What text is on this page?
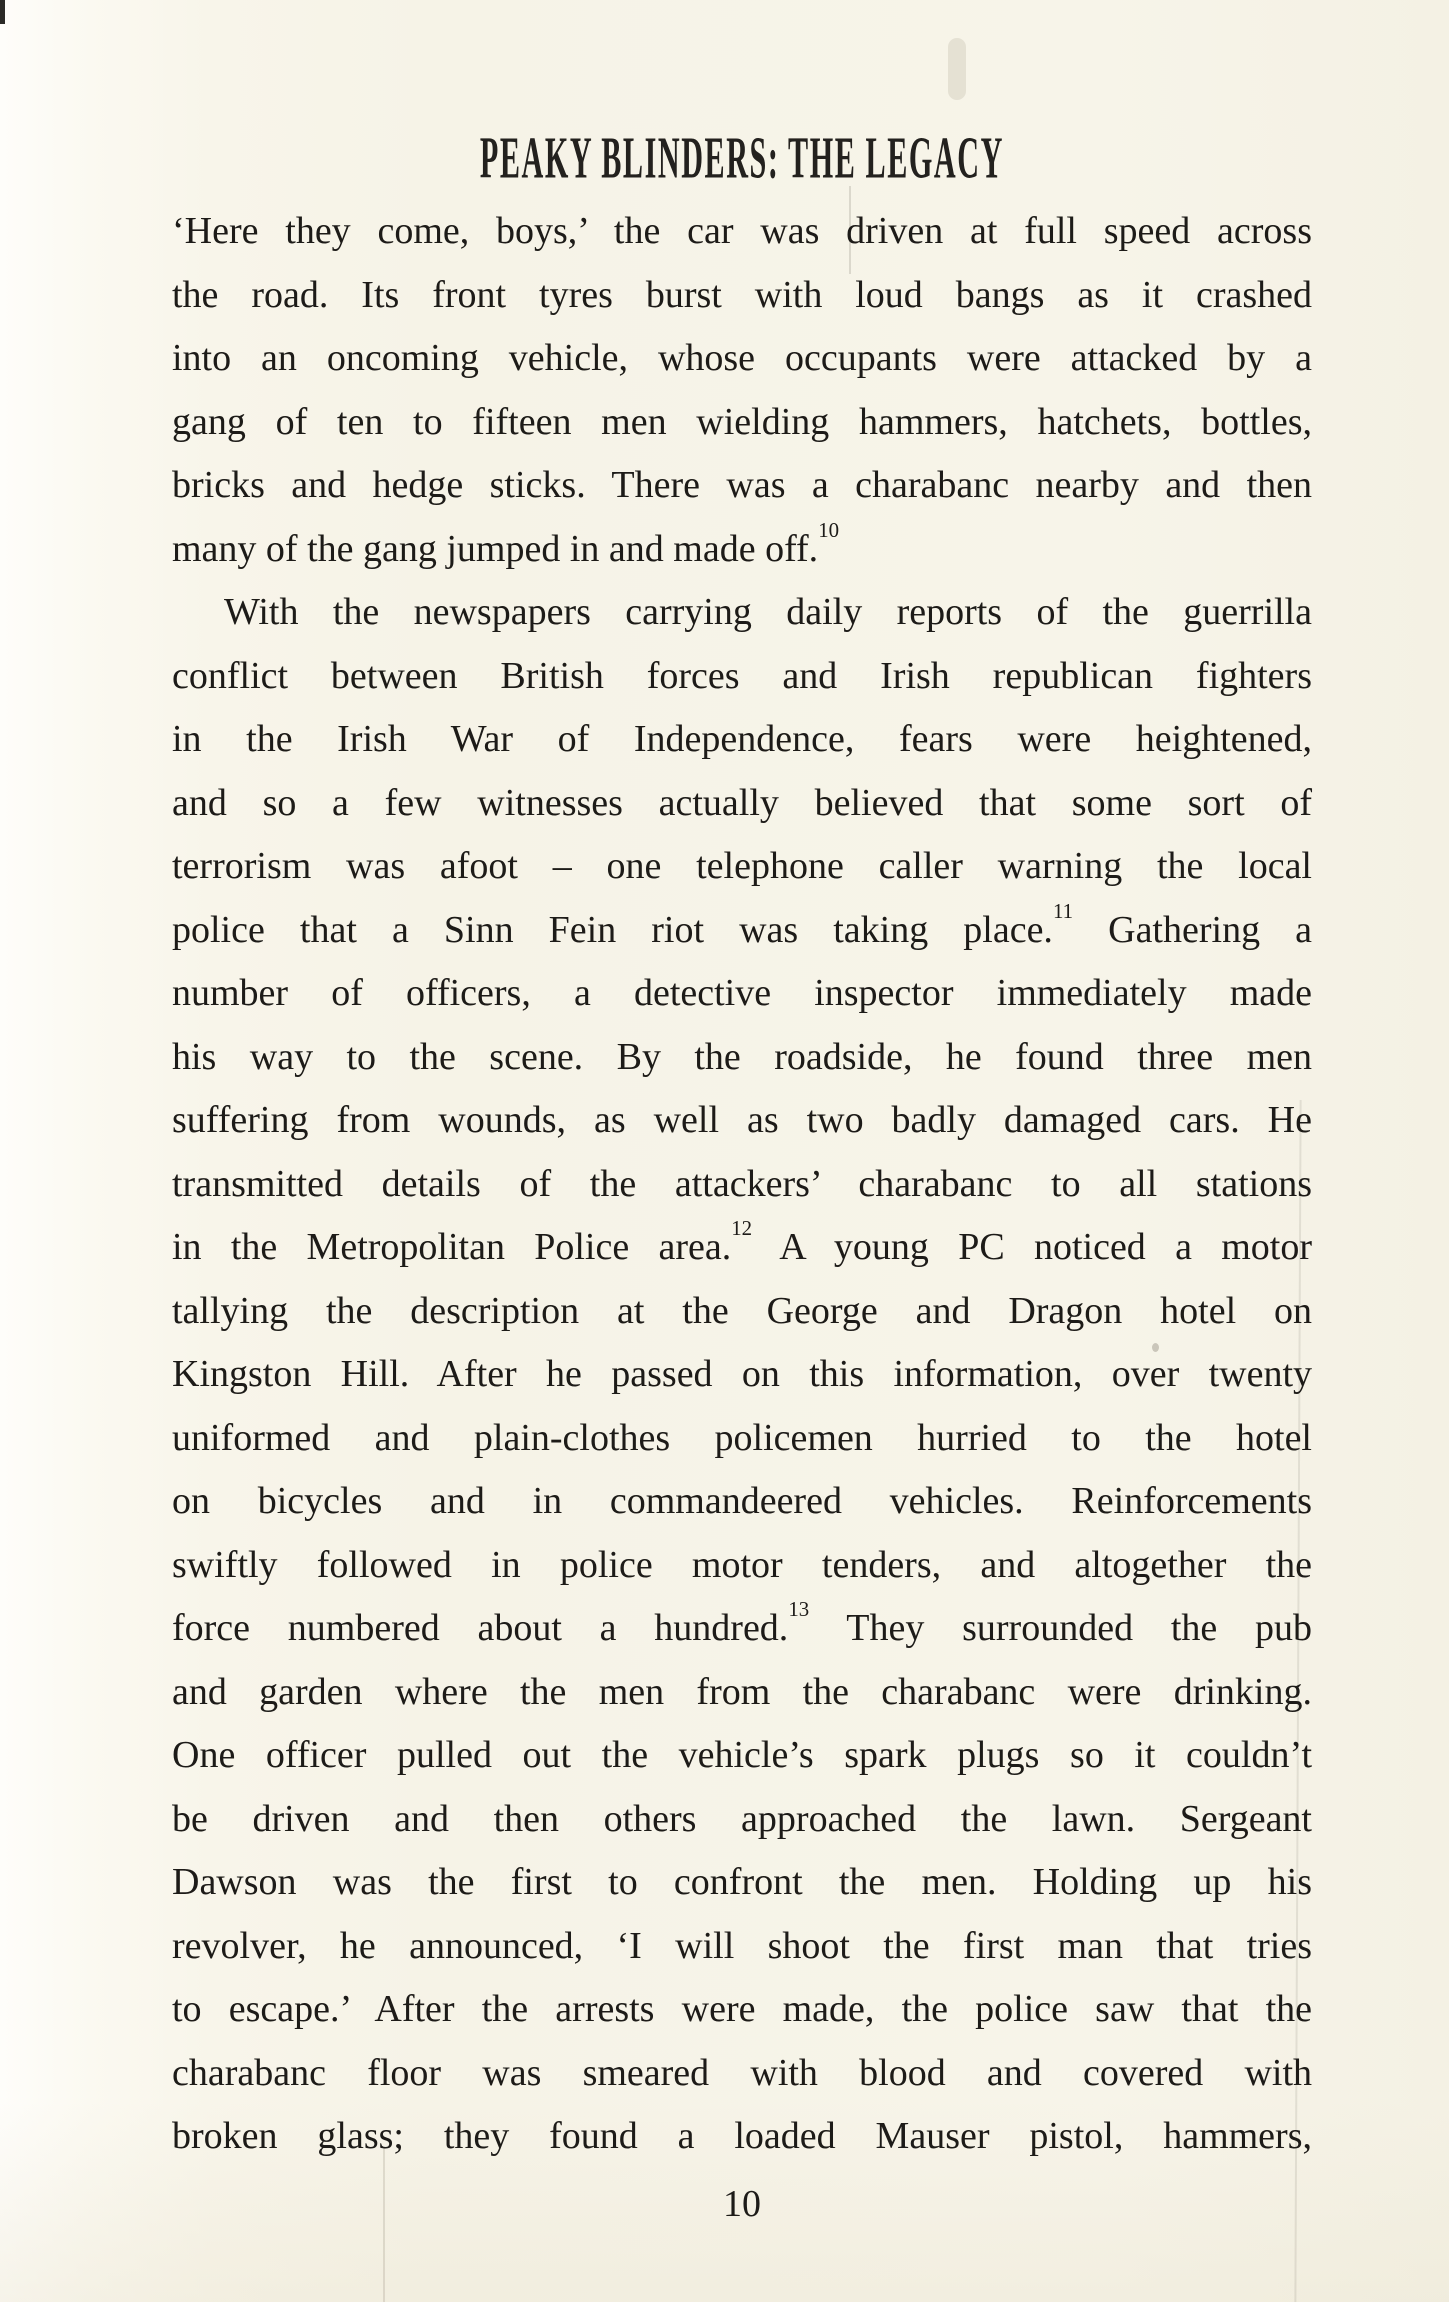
PEAKY BLINDERS: THE LEGACY
‘Here they come, boys,’ the car was driven at full speed across
the road. Its front tyres burst with loud bangs as it crashed
into an oncoming vehicle, whose occupants were attacked by a
gang of ten to fifteen men wielding hammers, hatchets, bottles,
bricks and hedge sticks. There was a charabanc nearby and then
many of the gang jumped in and made off.$^{10}$
With the newspapers carrying daily reports of the guerrilla
conflict between British forces and Irish republican fighters
in the Irish War of Independence, fears were heightened,
and so a few witnesses actually believed that some sort of
terrorism was afoot – one telephone caller warning the local
police that a Sinn Fein riot was taking place.$^{11}$ Gathering a
number of officers, a detective inspector immediately made
his way to the scene. By the roadside, he found three men
suffering from wounds, as well as two badly damaged cars. He
transmitted details of the attackers’ charabanc to all stations
in the Metropolitan Police area.$^{12}$ A young PC noticed a motor
tallying the description at the George and Dragon hotel on
Kingston Hill. After he passed on this information, over twenty
uniformed and plain-clothes policemen hurried to the hotel
on bicycles and in commandeered vehicles. Reinforcements
swiftly followed in police motor tenders, and altogether the
force numbered about a hundred.$^{13}$ They surrounded the pub
and garden where the men from the charabanc were drinking.
One officer pulled out the vehicle’s spark plugs so it couldn’t
be driven and then others approached the lawn. Sergeant
Dawson was the first to confront the men. Holding up his
revolver, he announced, ‘I will shoot the first man that tries
to escape.’ After the arrests were made, the police saw that the
charabanc floor was smeared with blood and covered with
broken glass; they found a loaded Mauser pistol, hammers,
10
